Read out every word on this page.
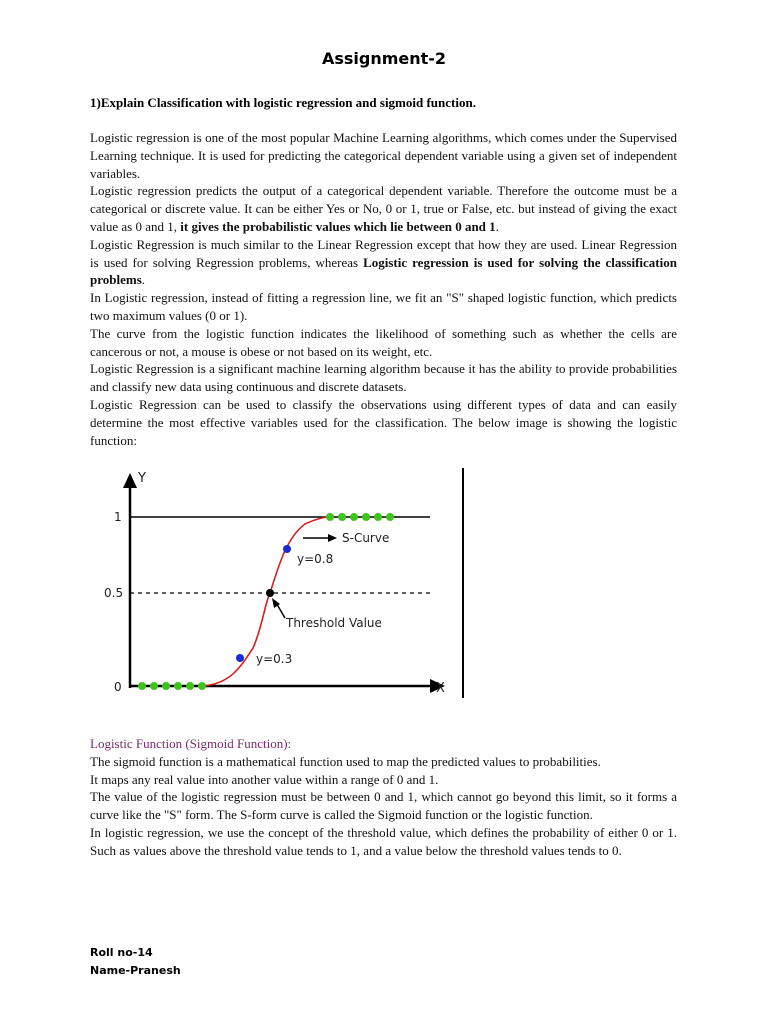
Assignment-2
1)Explain Classification with logistic regression and sigmoid function.

Logistic regression is one of the most popular Machine Learning algorithms, which comes under the Supervised Learning technique. It is used for predicting the categorical dependent variable using a given set of independent variables.

Logistic regression predicts the output of a categorical dependent variable. Therefore the outcome must be a categorical or discrete value. It can be either Yes or No, 0 or 1, true or False, etc. but instead of giving the exact value as 0 and 1, it gives the probabilistic values which lie between 0 and 1.

Logistic Regression is much similar to the Linear Regression except that how they are used. Linear Regression is used for solving Regression problems, whereas Logistic regression is used for solving the classification problems.

In Logistic regression, instead of fitting a regression line, we fit an "S" shaped logistic function, which predicts two maximum values (0 or 1).

The curve from the logistic function indicates the likelihood of something such as whether the cells are cancerous or not, a mouse is obese or not based on its weight, etc.

Logistic Regression is a significant machine learning algorithm because it has the ability to provide probabilities and classify new data using continuous and discrete datasets.

Logistic Regression can be used to classify the observations using different types of data and can easily determine the most effective variables used for the classification. The below image is showing the logistic function:

Y
X
0
0.5
1
S-Curve
y=0.8
Threshold Value
y=0.3

Logistic Function (Sigmoid Function):

The sigmoid function is a mathematical function used to map the predicted values to probabilities.

It maps any real value into another value within a range of 0 and 1.

The value of the logistic regression must be between 0 and 1, which cannot go beyond this limit, so it forms a curve like the "S" form. The S-form curve is called the Sigmoid function or the logistic function.

In logistic regression, we use the concept of the threshold value, which defines the probability of either 0 or 1. Such as values above the threshold value tends to 1, and a value below the threshold values tends to 0.

Roll no-14
Name-Pranesh
